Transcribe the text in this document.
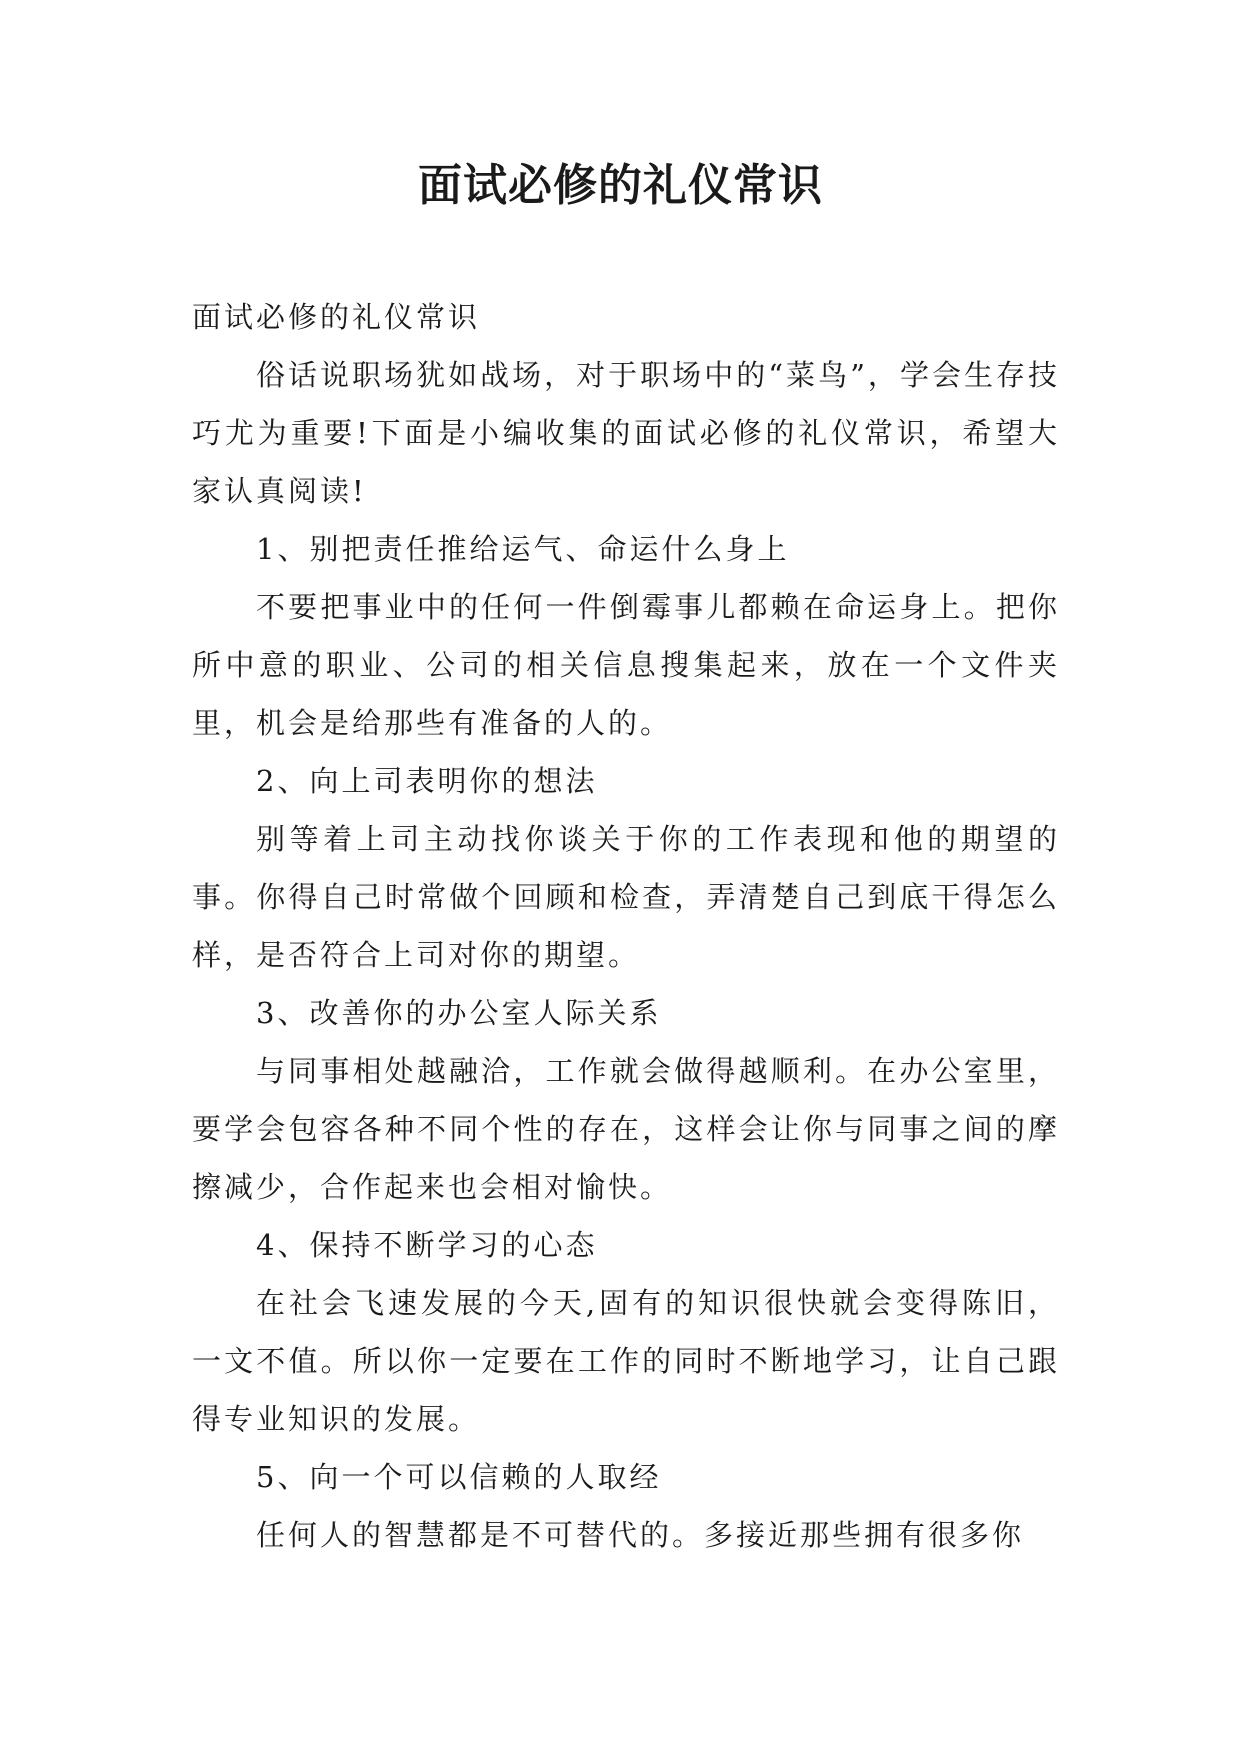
面试必修的礼仪常识

面试必修的礼仪常识

俗话说职场犹如战场，对于职场中的“菜鸟”，学会生存技巧尤为重要!下面是小编收集的面试必修的礼仪常识，希望大家认真阅读!

1、别把责任推给运气、命运什么身上

不要把事业中的任何一件倒霉事儿都赖在命运身上。把你所中意的职业、公司的相关信息搜集起来，放在一个文件夹里，机会是给那些有准备的人的。

2、向上司表明你的想法

别等着上司主动找你谈关于你的工作表现和他的期望的事。你得自己时常做个回顾和检查，弄清楚自己到底干得怎么样，是否符合上司对你的期望。

3、改善你的办公室人际关系

与同事相处越融洽，工作就会做得越顺利。在办公室里，要学会包容各种不同个性的存在，这样会让你与同事之间的摩擦减少，合作起来也会相对愉快。

4、保持不断学习的心态

在社会飞速发展的今天,固有的知识很快就会变得陈旧，一文不值。所以你一定要在工作的同时不断地学习，让自己跟得专业知识的发展。

5、向一个可以信赖的人取经

任何人的智慧都是不可替代的。多接近那些拥有很多你
